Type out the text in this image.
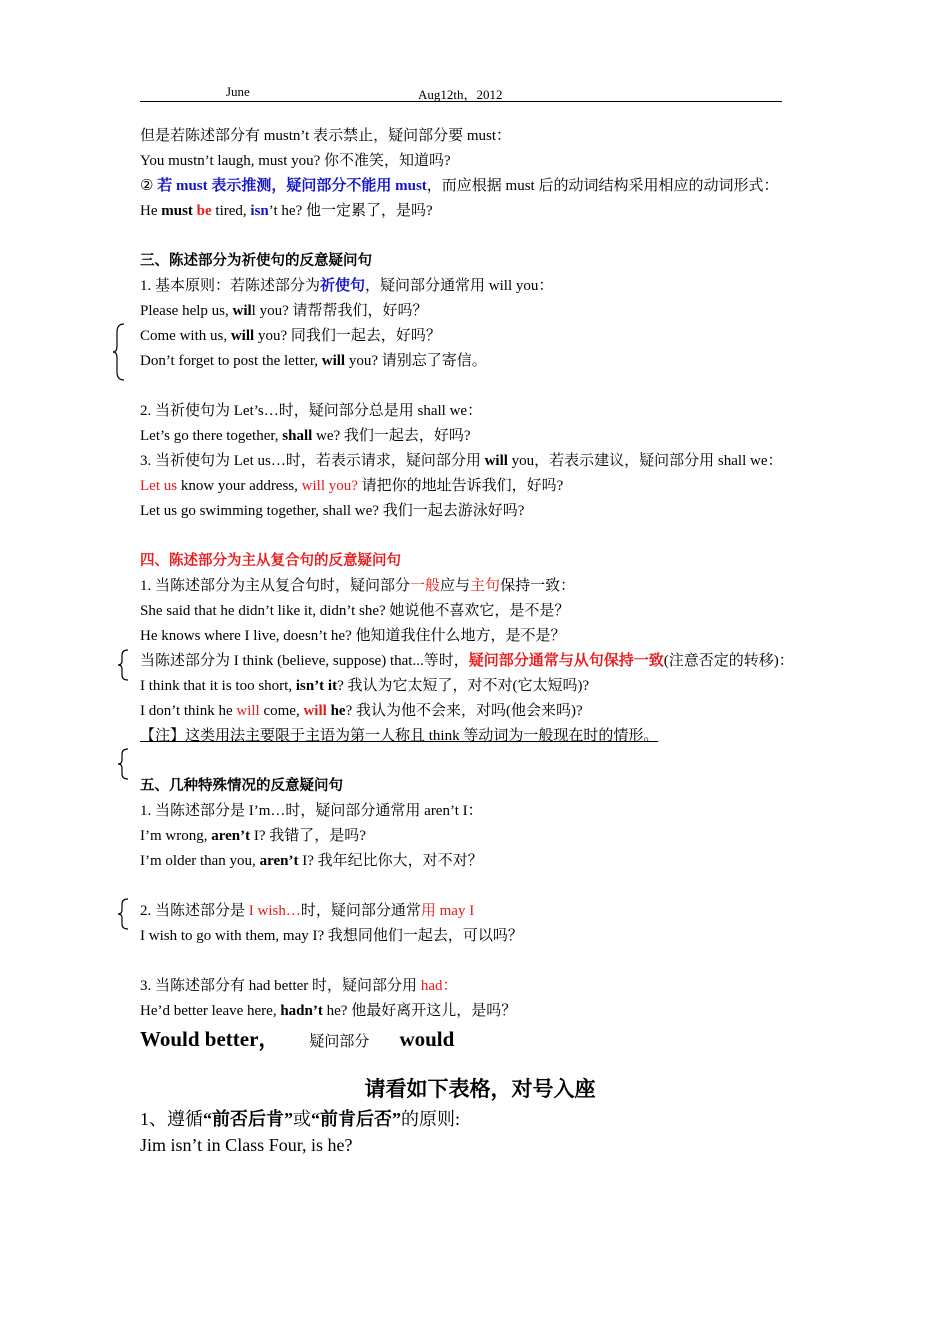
June	Aug12th，2012
但是若陈述部分有 mustn’t 表示禁止，疑问部分要 must：
You mustn’t laugh, must you? 你不准笑，知道吗?
② 若 must 表示推测，疑问部分不能用 must，而应根据 must 后的动词结构采用相应的动词形式：
He must be tired, isn’t he? 他一定累了，是吗?
三、陈述部分为祈使句的反意疑问句
1. 基本原则：若陈述部分为祈使句，疑问部分通常用 will you：
Please help us, will you? 请帮帮我们，好吗？
Come with us, will you? 同我们一起去，好吗？
Don’t forget to post the letter, will you? 请别忘了寄信。
2. 当祈使句为 Let’s…时，疑问部分总是用 shall we：
Let’s go there together, shall we? 我们一起去，好吗?
3. 当祈使句为 Let us…时，若表示请求，疑问部分用 will you，若表示建议，疑问部分用 shall we：
Let us know your address, will you? 请把你的地址告诉我们，好吗?
Let us go swimming together, shall we? 我们一起去游泳好吗?
四、陈述部分为主从复合句的反意疑问句
1. 当陈述部分为主从复合句时，疑问部分一般应与主句保持一致：
She said that he didn’t like it, didn’t she? 她说他不喜欢它，是不是？
He knows where I live, doesn’t he? 他知道我住什么地方，是不是？
当陈述部分为 I think (believe, suppose) that...等时，疑问部分通常与从句保持一致(注意否定的转移)：
I think that it is too short, isn’t it? 我认为它太短了，对不对(它太短吗)?
I don’t think he will come, will he? 我认为他不会来，对吗(他会来吗)?
【注】这类用法主要限于主语为第一人称且 think 等动词为一般现在时的情形。
五、几种特殊情况的反意疑问句
1. 当陈述部分是 I’m…时，疑问部分通常用 aren’t I：
I’m wrong, aren’t I? 我错了，是吗?
I’m older than you, aren’t I? 我年纪比你大，对不对？
2. 当陈述部分是 I wish…时，疑问部分通常用 may I
I wish to go with them, may I? 我想同他们一起去，可以吗？
3. 当陈述部分有 had better 时，疑问部分用 had：
He’d better leave here, hadn’t he? 他最好离开这儿，是吗？
Would better， 疑问部分 would
请看如下表格，对号入座
1、遵循“前否后肯”或“前肯后否”的原则:
Jim isn’t in Class Four, is he?
